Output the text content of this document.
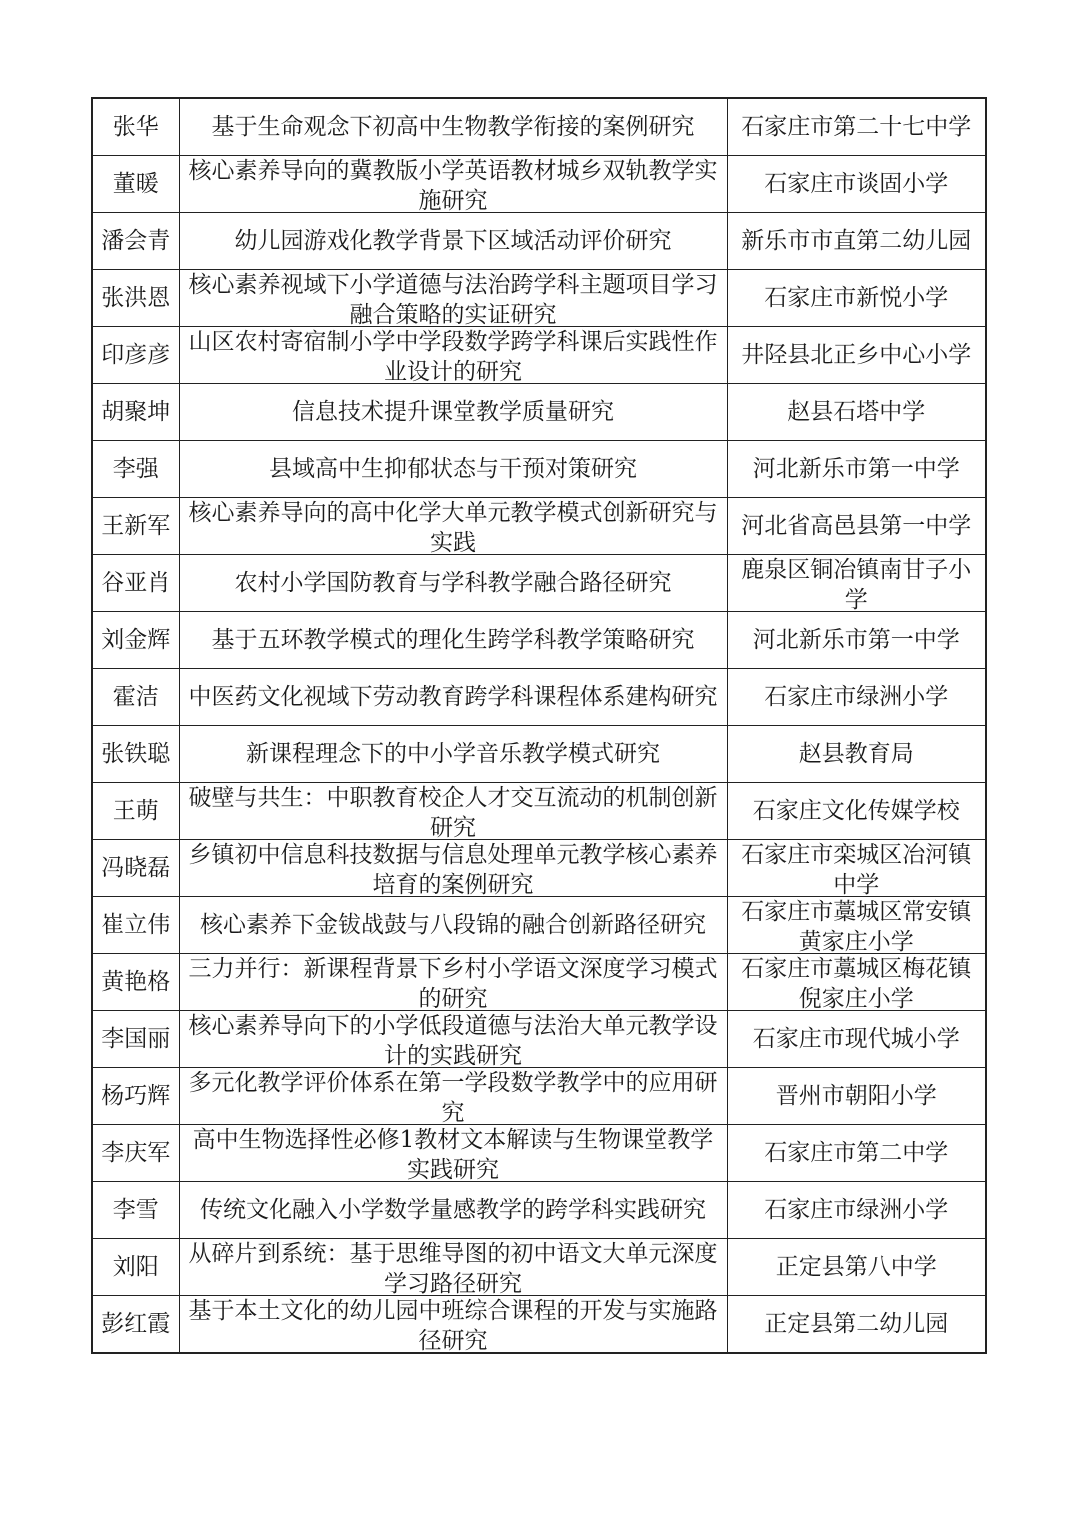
张华	基于生命观念下初高中生物教学衔接的案例研究	石家庄市第二十七中学

董暖	核心素养导向的冀教版小学英语教材城乡双轨教学实施研究	石家庄市谈固小学

潘会青	幼儿园游戏化教学背景下区域活动评价研究	新乐市市直第二幼儿园

张洪恩	核心素养视域下小学道德与法治跨学科主题项目学习融合策略的实证研究	石家庄市新悦小学

印彦彦	山区农村寄宿制小学中学段数学跨学科课后实践性作业设计的研究	井陉县北正乡中心小学

胡聚坤	信息技术提升课堂教学质量研究	赵县石塔中学

李强	县域高中生抑郁状态与干预对策研究	河北新乐市第一中学

王新军	核心素养导向的高中化学大单元教学模式创新研究与实践	河北省高邑县第一中学

谷亚肖	农村小学国防教育与学科教学融合路径研究	鹿泉区铜冶镇南甘子小学

刘金辉	基于五环教学模式的理化生跨学科教学策略研究	河北新乐市第一中学

霍洁	中医药文化视域下劳动教育跨学科课程体系建构研究	石家庄市绿洲小学

张铁聪	新课程理念下的中小学音乐教学模式研究	赵县教育局

王萌	破壁与共生：中职教育校企人才交互流动的机制创新研究	石家庄文化传媒学校

冯晓磊	乡镇初中信息科技数据与信息处理单元教学核心素养培育的案例研究	石家庄市栾城区冶河镇中学

崔立伟	核心素养下金钹战鼓与八段锦的融合创新路径研究	石家庄市藁城区常安镇黄家庄小学

黄艳格	三力并行：新课程背景下乡村小学语文深度学习模式的研究	石家庄市藁城区梅花镇倪家庄小学

李国丽	核心素养导向下的小学低段道德与法治大单元教学设计的实践研究	石家庄市现代城小学

杨巧辉	多元化教学评价体系在第一学段数学教学中的应用研究	晋州市朝阳小学

李庆军	高中生物选择性必修1教材文本解读与生物课堂教学实践研究	石家庄市第二中学

李雪	传统文化融入小学数学量感教学的跨学科实践研究	石家庄市绿洲小学

刘阳	从碎片到系统：基于思维导图的初中语文大单元深度学习路径研究	正定县第八中学

彭红霞	基于本土文化的幼儿园中班综合课程的开发与实施路径研究	正定县第二幼儿园
